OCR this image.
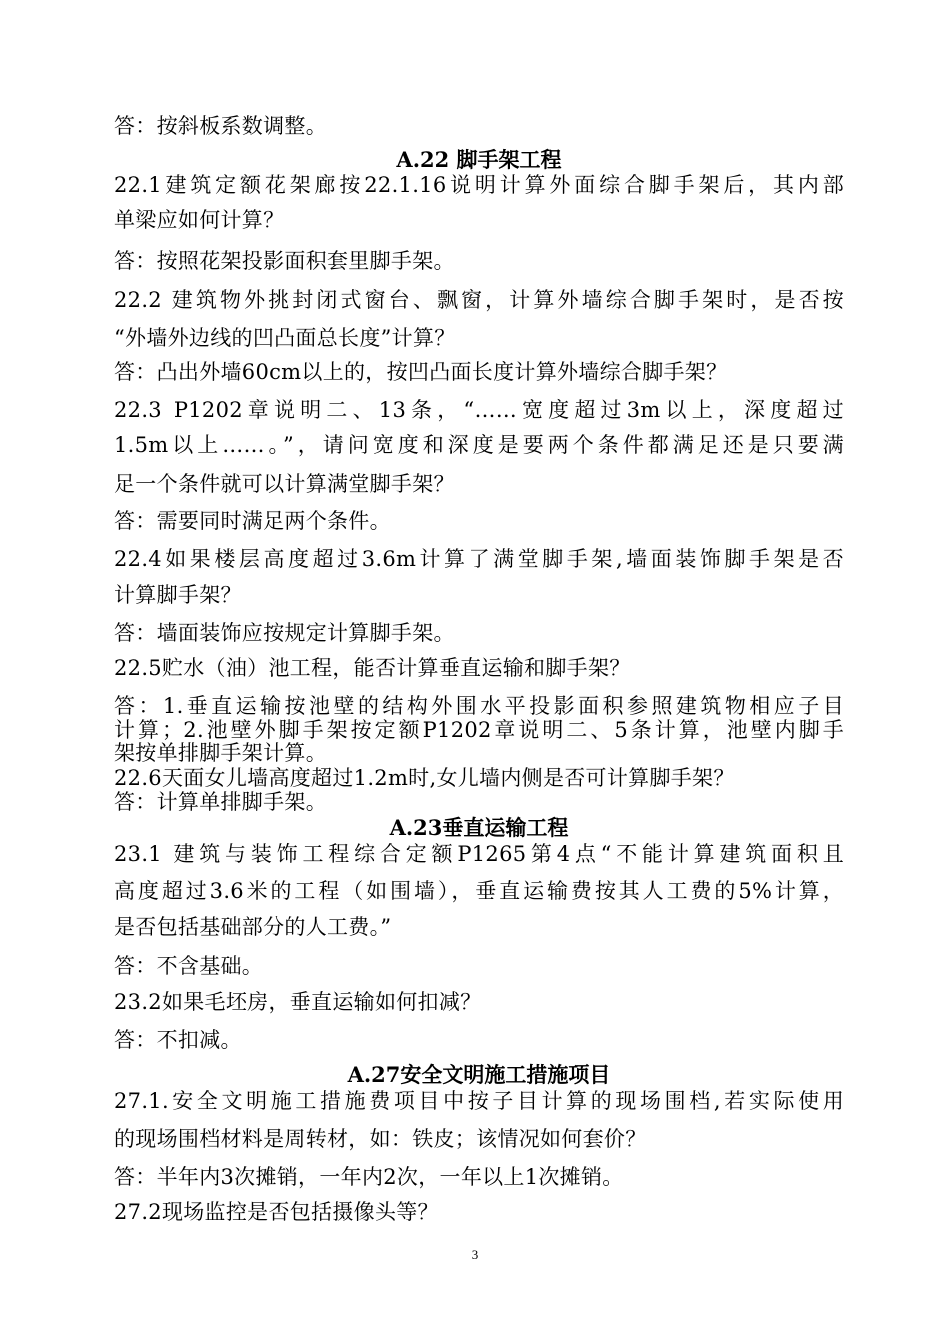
答：按斜板系数调整。
A.22 脚手架工程
22.1建筑定额花架廊按22.1.16说明计算外面综合脚手架后，其内部
单梁应如何计算？
答：按照花架投影面积套里脚手架。
22.2 建筑物外挑封闭式窗台、飘窗，计算外墙综合脚手架时，是否按
“外墙外边线的凹凸面总长度”计算？
答：凸出外墙60cm以上的，按凹凸面长度计算外墙综合脚手架？
22.3 P1202章说明二、13条，“……宽度超过3m以上，深度超过
1.5m以上……。”，请问宽度和深度是要两个条件都满足还是只要满
足一个条件就可以计算满堂脚手架？
答：需要同时满足两个条件。
22.4如果楼层高度超过3.6m计算了满堂脚手架,墙面装饰脚手架是否
计算脚手架？
答：墙面装饰应按规定计算脚手架。
22.5贮水（油）池工程，能否计算垂直运输和脚手架？
答：1.垂直运输按池壁的结构外围水平投影面积参照建筑物相应子目
计算；2.池壁外脚手架按定额P1202章说明二、5条计算，池壁内脚手
架按单排脚手架计算。
22.6天面女儿墙高度超过1.2m时,女儿墙内侧是否可计算脚手架？
答：计算单排脚手架。
A.23垂直运输工程
23.1 建筑与装饰工程综合定额P1265第4点“不能计算建筑面积且
高度超过3.6米的工程（如围墙），垂直运输费按其人工费的5%计算，
是否包括基础部分的人工费。”
答：不含基础。
23.2如果毛坯房，垂直运输如何扣减？
答：不扣减。
A.27安全文明施工措施项目
27.1.安全文明施工措施费项目中按子目计算的现场围档,若实际使用
的现场围档材料是周转材，如：铁皮；该情况如何套价？
答：半年内3次摊销，一年内2次，一年以上1次摊销。
27.2现场监控是否包括摄像头等？
3
